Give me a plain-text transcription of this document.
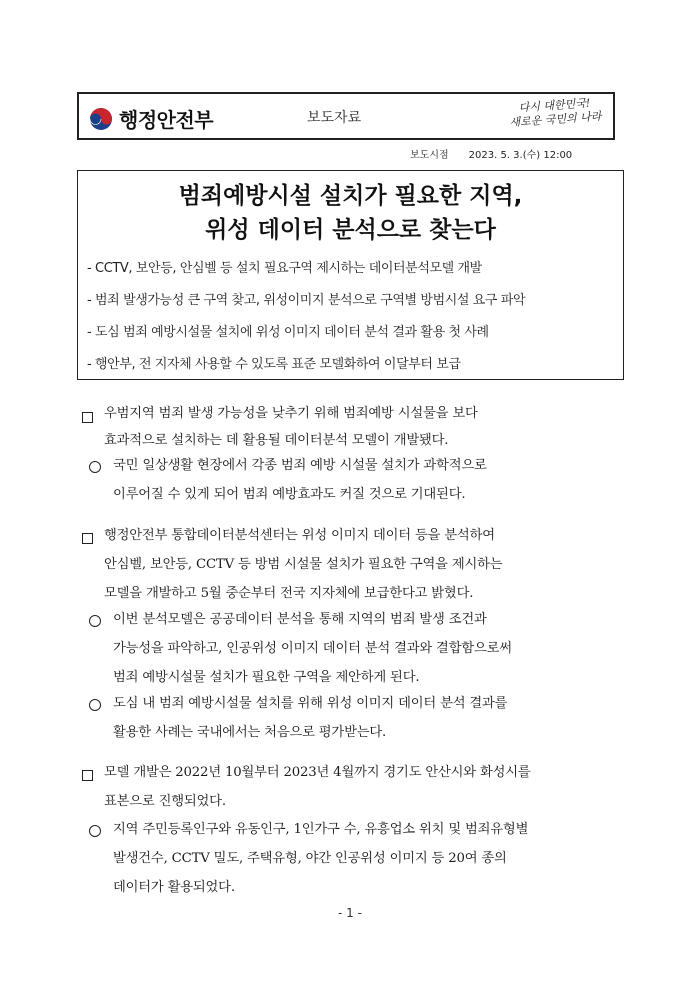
행정안전부	보도자료
다시 대한민국!
새로운 국민의 나라
보도시점 2023. 5. 3.(수) 12:00
범죄예방시설 설치가 필요한 지역,
위성 데이터 분석으로 찾는다
- CCTV, 보안등, 안심벨 등 설치 필요구역 제시하는 데이터분석모델 개발
- 범죄 발생가능성 큰 구역 찾고, 위성이미지 분석으로 구역별 방범시설 요구 파악
- 도심 범죄 예방시설물 설치에 위성 이미지 데이터 분석 결과 활용 첫 사례
- 행안부, 전 지자체 사용할 수 있도록 표준 모델화하여 이달부터 보급
우범지역 범죄 발생 가능성을 낮추기 위해 범죄예방 시설물을 보다
효과적으로 설치하는 데 활용될 데이터분석 모델이 개발됐다.
국민 일상생활 현장에서 각종 범죄 예방 시설물 설치가 과학적으로
이루어질 수 있게 되어 범죄 예방효과도 커질 것으로 기대된다.
행정안전부 통합데이터분석센터는 위성 이미지 데이터 등을 분석하여
안심벨, 보안등, CCTV 등 방범 시설물 설치가 필요한 구역을 제시하는
모델을 개발하고 5월 중순부터 전국 지자체에 보급한다고 밝혔다.
이번 분석모델은 공공데이터 분석을 통해 지역의 범죄 발생 조건과
가능성을 파악하고, 인공위성 이미지 데이터 분석 결과와 결합함으로써
범죄 예방시설물 설치가 필요한 구역을 제안하게 된다.
도심 내 범죄 예방시설물 설치를 위해 위성 이미지 데이터 분석 결과를
활용한 사례는 국내에서는 처음으로 평가받는다.
모델 개발은 2022년 10월부터 2023년 4월까지 경기도 안산시와 화성시를
표본으로 진행되었다.
지역 주민등록인구와 유동인구, 1인가구 수, 유흥업소 위치 및 범죄유형별
발생건수, CCTV 밀도, 주택유형, 야간 인공위성 이미지 등 20여 종의
데이터가 활용되었다.
- 1 -
